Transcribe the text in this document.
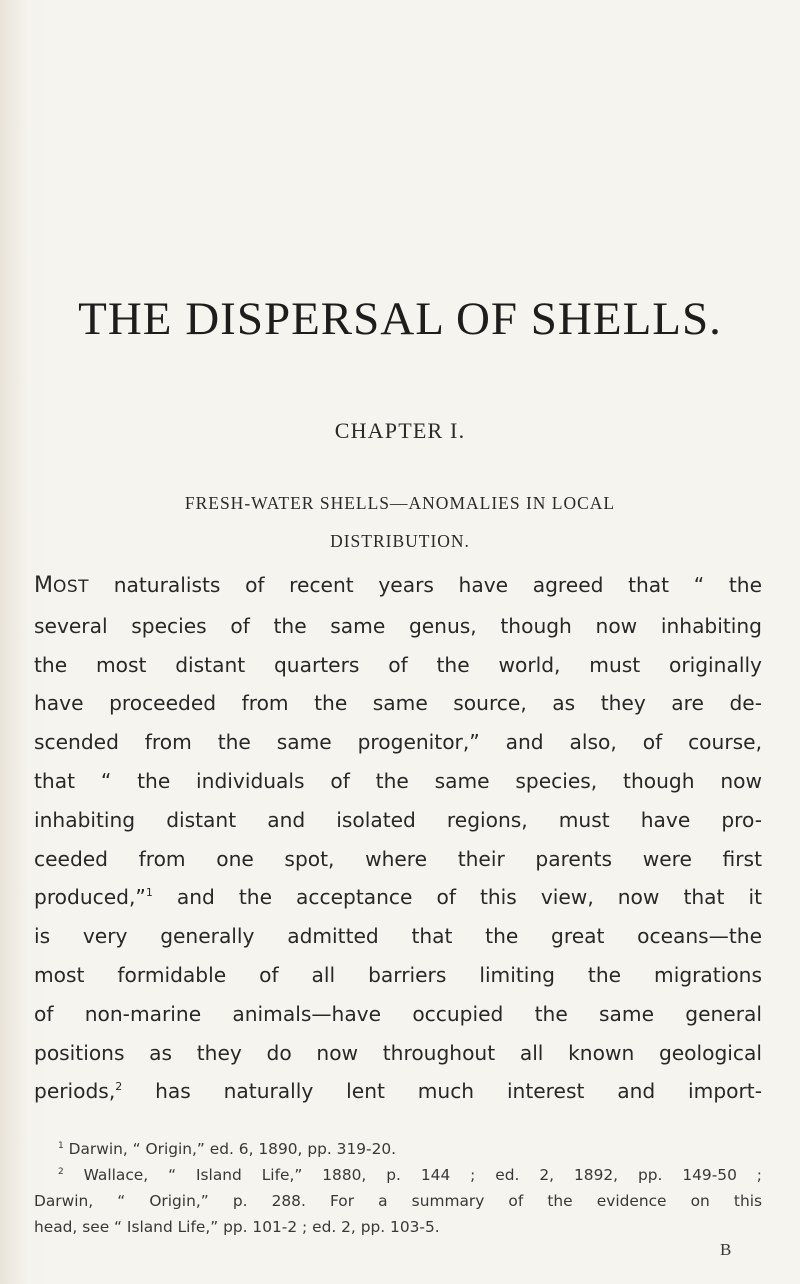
THE DISPERSAL OF SHELLS.
CHAPTER I.
FRESH-WATER SHELLS—ANOMALIES IN LOCAL
DISTRIBUTION.
MOST naturalists of recent years have agreed that “ the
several species of the same genus, though now inhabiting
the most distant quarters of the world, must originally
have proceeded from the same source, as they are de-
scended from the same progenitor,” and also, of course,
that “ the individuals of the same species, though now
inhabiting distant and isolated regions, must have pro-
ceeded from one spot, where their parents were first
produced,”$^1$ and the acceptance of this view, now that it
is very generally admitted that the great oceans—the
most formidable of all barriers limiting the migrations
of non-marine animals—have occupied the same general
positions as they do now throughout all known geological
periods,$^2$ has naturally lent much interest and import-
$^1$ Darwin, “ Origin,” ed. 6, 1890, pp. 319-20.
$^2$ Wallace, “ Island Life,” 1880, p. 144 ; ed. 2, 1892, pp. 149-50 ;
Darwin, “ Origin,” p. 288. For a summary of the evidence on this
head, see “ Island Life,” pp. 101-2 ; ed. 2, pp. 103-5.
B
